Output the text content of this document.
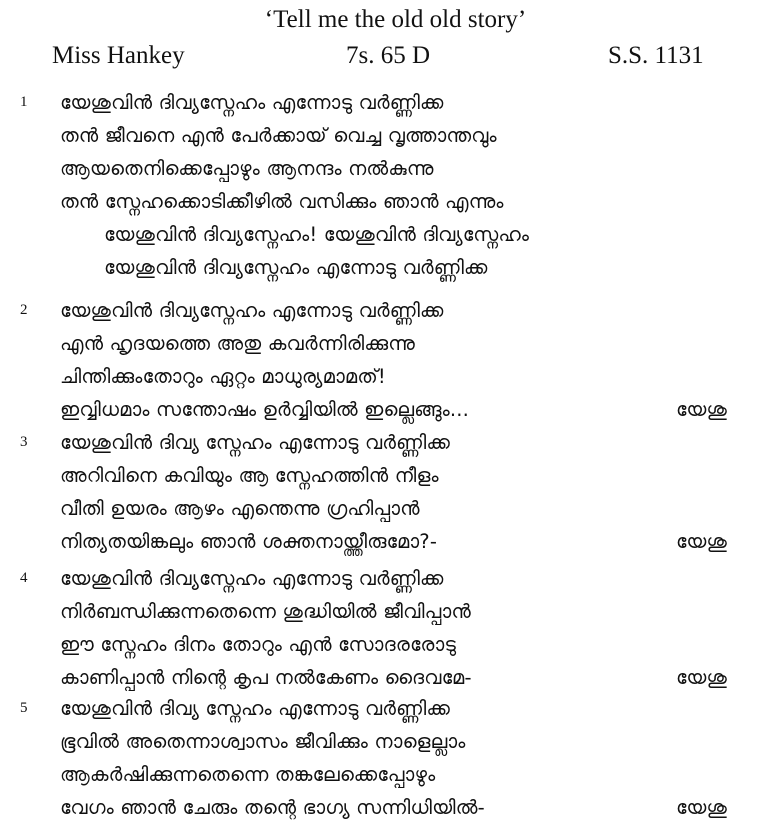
‘Tell me the old old story’
Miss Hankey	7s. 65 D	S.S. 1131
1 യേശുവിൻ ദിവ്യസ്നേഹം എന്നോടു വർണ്ണിക്ക
തൻ ജീവനെ എൻ പേർക്കായ് വെച്ച വൃത്താന്തവും
ആയതെനിക്കെപ്പോഴും ആനന്ദം നൽകുന്നു
തൻ സ്നേഹക്കൊടിക്കീഴിൽ വസിക്കും ഞാൻ എന്നും
യേശുവിൻ ദിവ്യസ്നേഹം! യേശുവിൻ ദിവ്യസ്നേഹം
യേശുവിൻ ദിവ്യസ്നേഹം എന്നോടു വർണ്ണിക്ക
2 യേശുവിൻ ദിവ്യസ്നേഹം എന്നോടു വർണ്ണിക്ക
എൻ ഹൃദയത്തെ അതു കവർന്നിരിക്കുന്നു
ചിന്തിക്കുംതോറും ഏറ്റം മാധുര്യമാമത്!
ഇവ്വിധമാം സന്തോഷം ഉർവ്വിയിൽ ഇല്ലെങ്ങും...	യേശു
3 യേശുവിൻ ദിവ്യ സ്നേഹം എന്നോടു വർണ്ണിക്ക
അറിവിനെ കവിയും ആ സ്നേഹത്തിൻ നീളം
വീതി ഉയരം ആഴം എന്തെന്നു ഗ്രഹിപ്പാൻ
നിത്യതയിങ്കലും ഞാൻ ശക്തനായ്ത്തീരുമോ?-	യേശു
4 യേശുവിൻ ദിവ്യസ്നേഹം എന്നോടു വർണ്ണിക്ക
നിർബന്ധിക്കുന്നതെന്നെ ശുദ്ധിയിൽ ജീവിപ്പാൻ
ഈ സ്നേഹം ദിനം തോറും എൻ സോദരരോടു
കാണിപ്പാൻ നിന്റെ കൃപ നൽകേണം ദൈവമേ-	യേശു
5 യേശുവിൻ ദിവ്യ സ്നേഹം എന്നോടു വർണ്ണിക്ക
ഭൂവിൽ അതെന്നാശ്വാസം ജീവിക്കും നാളെല്ലാം
ആകർഷിക്കുന്നതെന്നെ തങ്കലേക്കെപ്പോഴും
വേഗം ഞാൻ ചേരും തന്റെ ഭാഗ്യ സന്നിധിയിൽ-	യേശു
